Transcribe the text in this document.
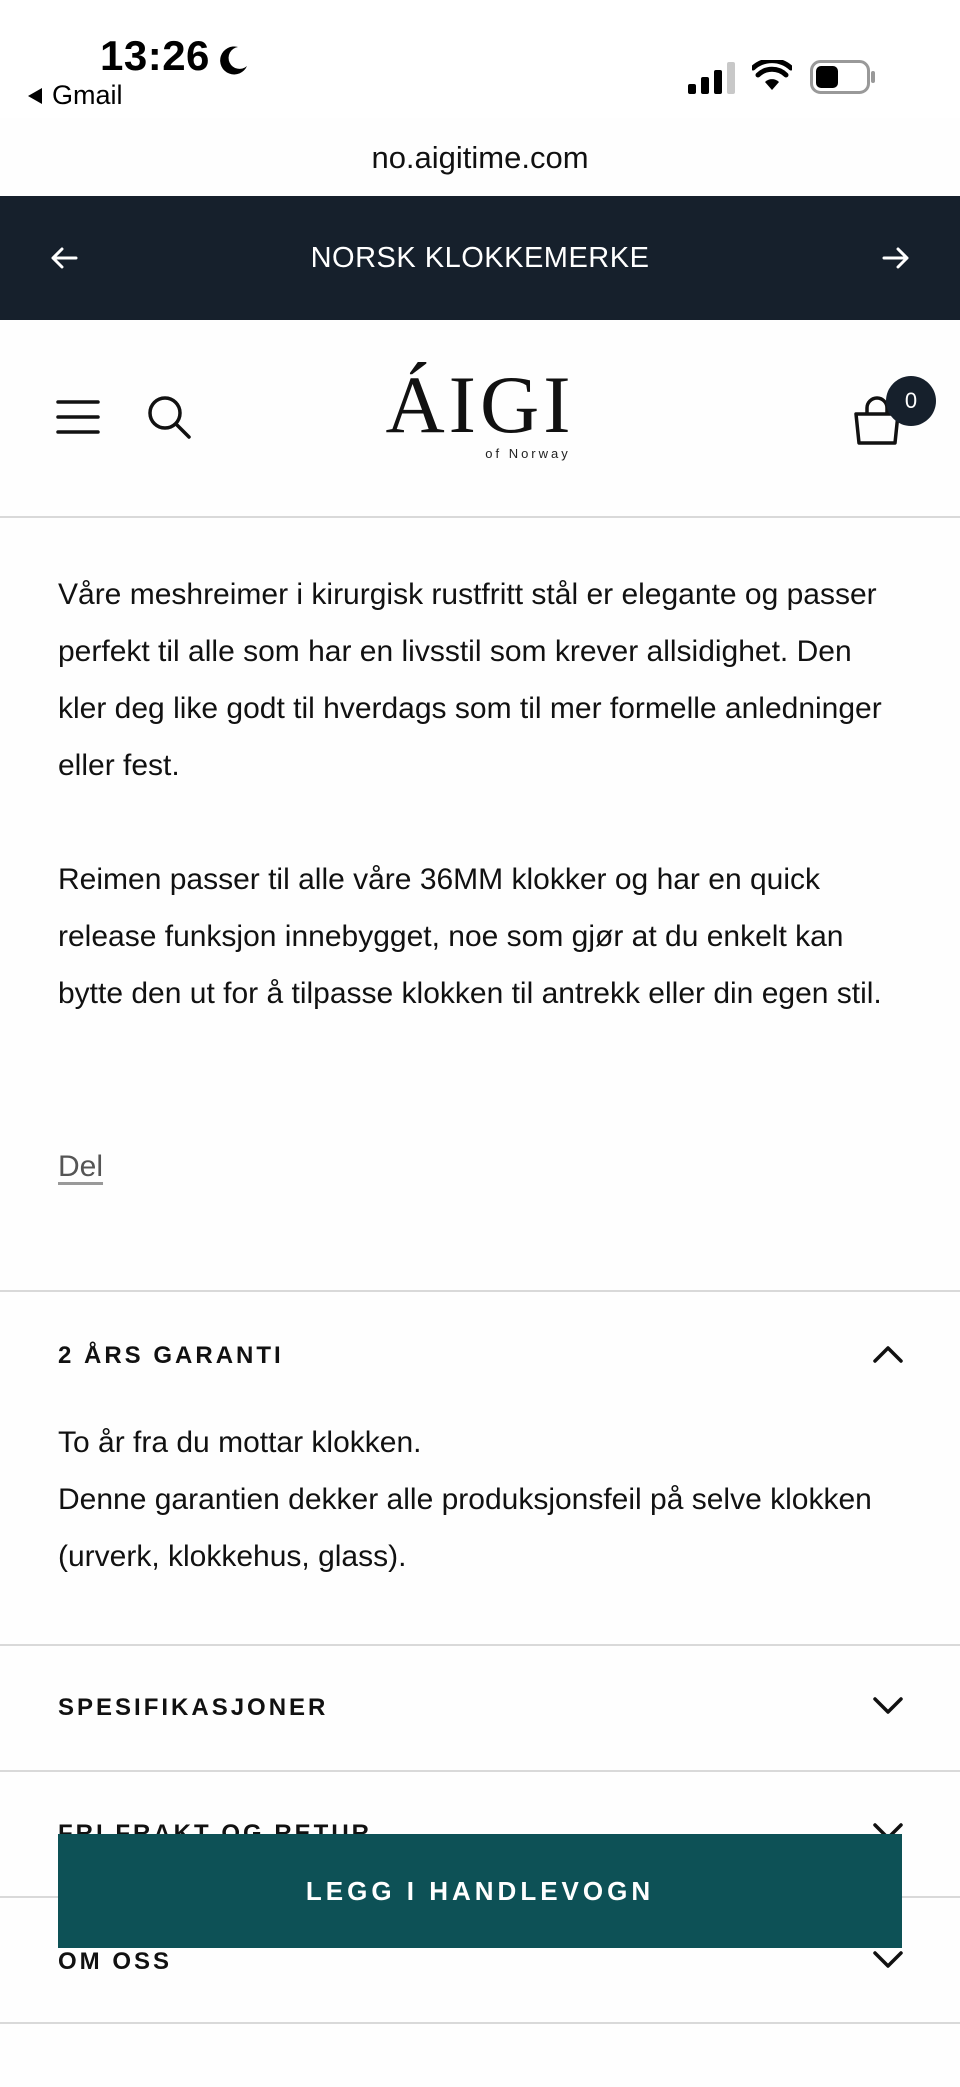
13:26
Gmail
no.aigitime.com
NORSK KLOKKEMERKE
ÁIGI
of Norway
0

Våre meshreimer i kirurgisk rustfritt stål er elegante og passer perfekt til alle som har en livsstil som krever allsidighet. Den kler deg like godt til hverdags som til mer formelle anledninger eller fest.

Reimen passer til alle våre 36MM klokker og har en quick release funksjon innebygget, noe som gjør at du enkelt kan bytte den ut for å tilpasse klokken til antrekk eller din egen stil.

Del
2 ÅRS GARANTI
To år fra du mottar klokken.
Denne garantien dekker alle produksjonsfeil på selve klokken (urverk, klokkehus, glass).
SPESIFIKASJONER
OM OSS
LEGG I HANDLEVOGN
